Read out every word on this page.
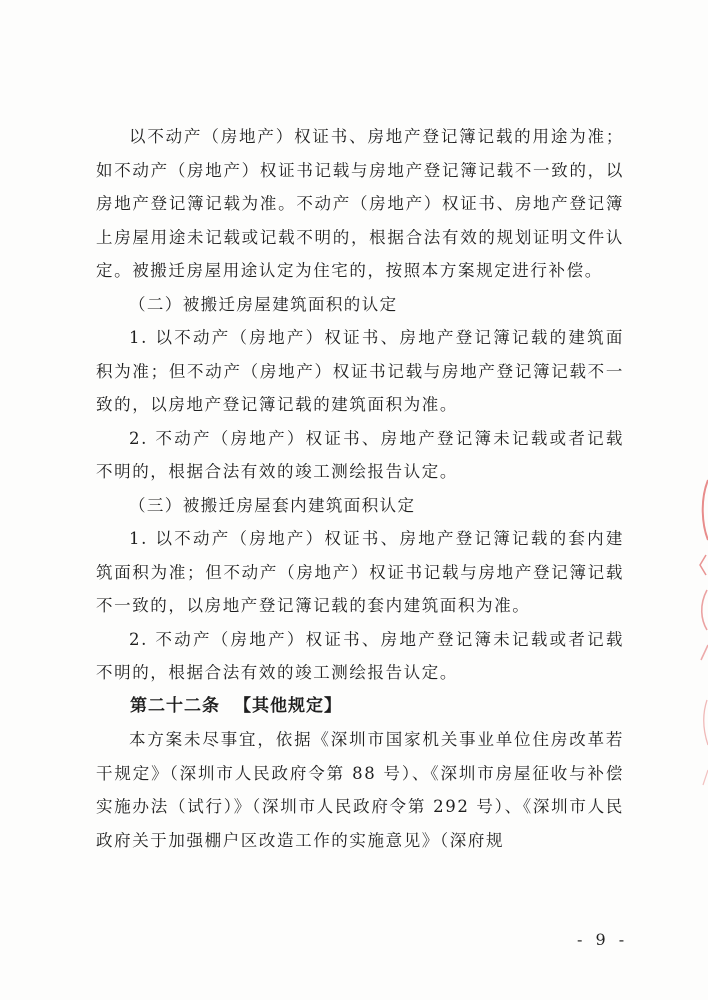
以不动产（房地产）权证书、房地产登记簿记载的用途为准；如不动产（房地产）权证书记载与房地产登记簿记载不一致的，以房地产登记簿记载为准。不动产（房地产）权证书、房地产登记簿上房屋用途未记载或记载不明的，根据合法有效的规划证明文件认定。被搬迁房屋用途认定为住宅的，按照本方案规定进行补偿。

（二）被搬迁房屋建筑面积的认定

1. 以不动产（房地产）权证书、房地产登记簿记载的建筑面积为准；但不动产（房地产）权证书记载与房地产登记簿记载不一致的，以房地产登记簿记载的建筑面积为准。

2. 不动产（房地产）权证书、房地产登记簿未记载或者记载不明的，根据合法有效的竣工测绘报告认定。

（三）被搬迁房屋套内建筑面积认定

1. 以不动产（房地产）权证书、房地产登记簿记载的套内建筑面积为准；但不动产（房地产）权证书记载与房地产登记簿记载不一致的，以房地产登记簿记载的套内建筑面积为准。

2. 不动产（房地产）权证书、房地产登记簿未记载或者记载不明的，根据合法有效的竣工测绘报告认定。

第二十二条 【其他规定】

本方案未尽事宜，依据《深圳市国家机关事业单位住房改革若干规定》（深圳市人民政府令第 88 号）、《深圳市房屋征收与补偿实施办法（试行）》（深圳市人民政府令第 292 号）、《深圳市人民政府关于加强棚户区改造工作的实施意见》（深府规

- 9 -
